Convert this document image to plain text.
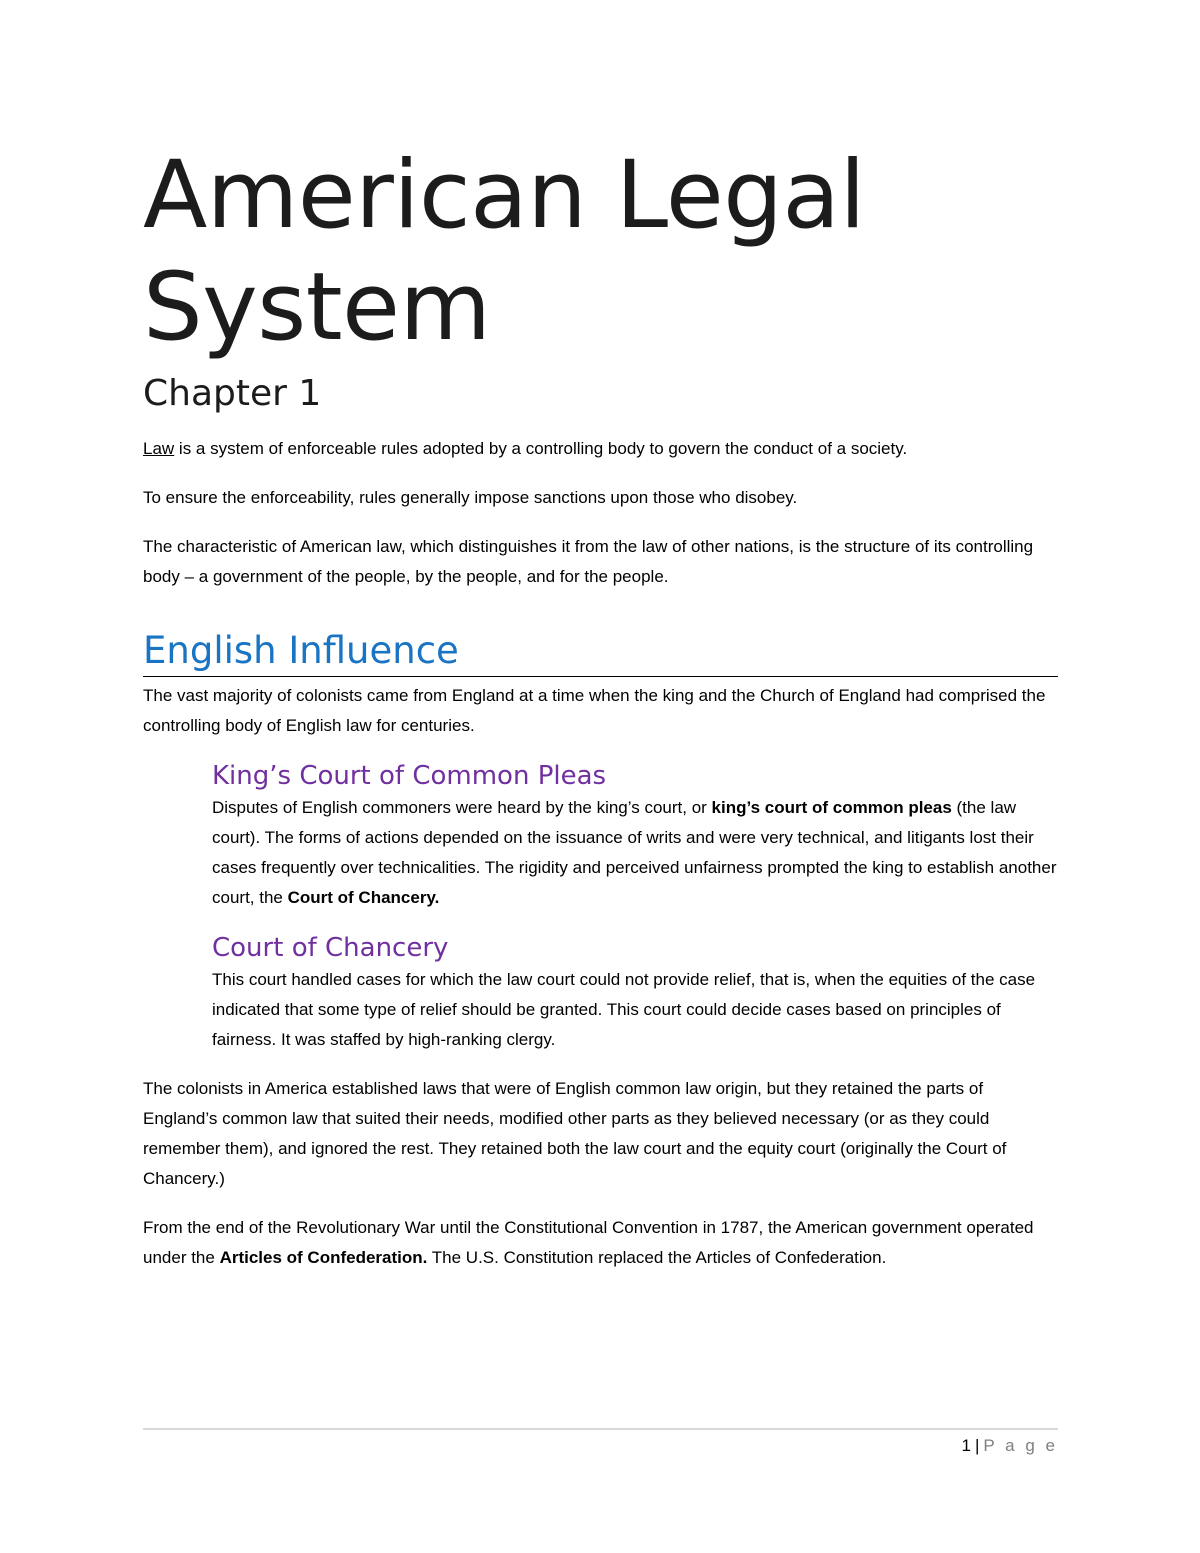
American Legal
System
Chapter 1

Law is a system of enforceable rules adopted by a controlling body to govern the conduct of a society.

To ensure the enforceability, rules generally impose sanctions upon those who disobey.

The characteristic of American law, which distinguishes it from the law of other nations, is the structure of its controlling body – a government of the people, by the people, and for the people.

English Influence

The vast majority of colonists came from England at a time when the king and the Church of England had comprised the controlling body of English law for centuries.

King’s Court of Common Pleas

Disputes of English commoners were heard by the king’s court, or king’s court of common pleas (the law court). The forms of actions depended on the issuance of writs and were very technical, and litigants lost their cases frequently over technicalities. The rigidity and perceived unfairness prompted the king to establish another court, the Court of Chancery.

Court of Chancery

This court handled cases for which the law court could not provide relief, that is, when the equities of the case indicated that some type of relief should be granted. This court could decide cases based on principles of fairness. It was staffed by high-ranking clergy.

The colonists in America established laws that were of English common law origin, but they retained the parts of England’s common law that suited their needs, modified other parts as they believed necessary (or as they could remember them), and ignored the rest. They retained both the law court and the equity court (originally the Court of Chancery.)

From the end of the Revolutionary War until the Constitutional Convention in 1787, the American government operated under the Articles of Confederation. The U.S. Constitution replaced the Articles of Confederation.

1 | P a g e
